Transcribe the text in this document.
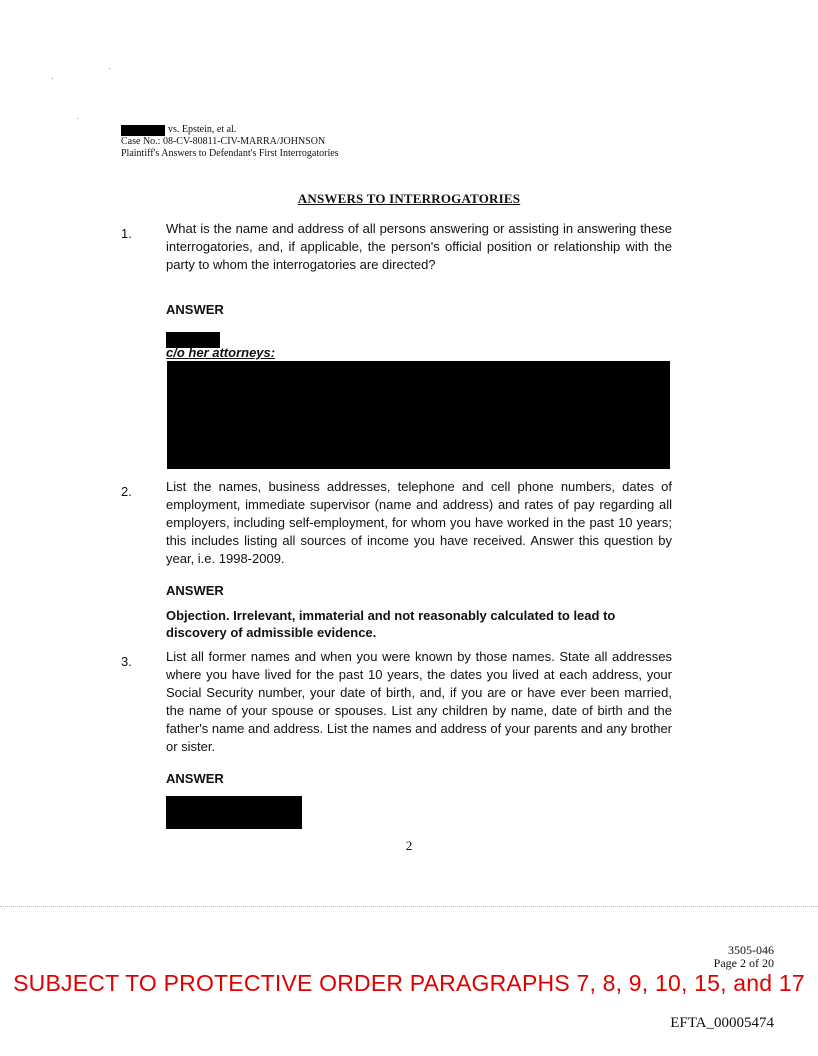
vs. Epstein, et al.
Case No.: 08-CV-80811-CIV-MARRA/JOHNSON
Plaintiff's Answers to Defendant's First Interrogatories
ANSWERS TO INTERROGATORIES
1.	What is the name and address of all persons answering or assisting in answering these interrogatories, and, if applicable, the person's official position or relationship with the party to whom the interrogatories are directed?
ANSWER
c/o her attorneys:
2.	List the names, business addresses, telephone and cell phone numbers, dates of employment, immediate supervisor (name and address) and rates of pay regarding all employers, including self-employment, for whom you have worked in the past 10 years; this includes listing all sources of income you have received. Answer this question by year, i.e. 1998-2009.
ANSWER
Objection. Irrelevant, immaterial and not reasonably calculated to lead to discovery of admissible evidence.
3.	List all former names and when you were known by those names. State all addresses where you have lived for the past 10 years, the dates you lived at each address, your Social Security number, your date of birth, and, if you are or have ever been married, the name of your spouse or spouses. List any children by name, date of birth and the father's name and address. List the names and address of your parents and any brother or sister.
ANSWER
2
3505-046
Page 2 of 20
SUBJECT TO PROTECTIVE ORDER PARAGRAPHS 7, 8, 9, 10, 15, and 17
EFTA_00005474
